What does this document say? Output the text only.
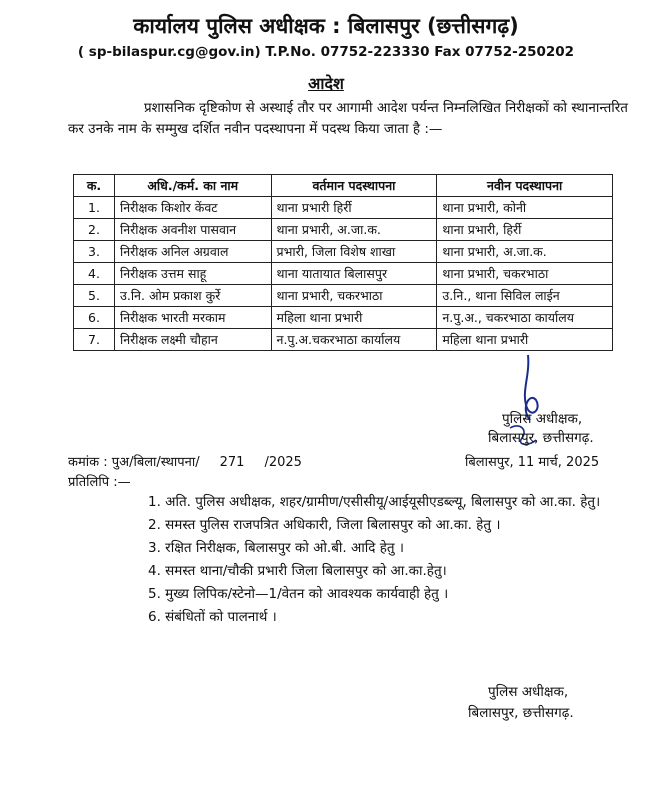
कार्यालय पुलिस अधीक्षक : बिलासपुर (छत्तीसगढ़)
( sp-bilaspur.cg@gov.in) T.P.No. 07752-223330 Fax 07752-250202
आदेश
प्रशासनिक दृष्टिकोण से अस्थाई तौर पर आगामी आदेश पर्यन्त निम्नलिखित निरीक्षकों को स्थानान्तरित कर उनके नाम के सम्मुख दर्शित नवीन पदस्थापना में पदस्थ किया जाता है :—
क.	अधि./कर्म. का नाम	वर्तमान पदस्थापना	नवीन पदस्थापना
1.	निरीक्षक किशोर केंवट	थाना प्रभारी हिर्री	थाना प्रभारी, कोनी
2.	निरीक्षक अवनीश पासवान	थाना प्रभारी, अ.जा.क.	थाना प्रभारी, हिर्री
3.	निरीक्षक अनिल अग्रवाल	प्रभारी, जिला विशेष शाखा	थाना प्रभारी, अ.जा.क.
4.	निरीक्षक उत्तम साहू	थाना यातायात बिलासपुर	थाना प्रभारी, चकरभाठा
5.	उ.नि. ओम प्रकाश कुर्रे	थाना प्रभारी, चकरभाठा	उ.नि., थाना सिविल लाईन
6.	निरीक्षक भारती मरकाम	महिला थाना प्रभारी	न.पु.अ., चकरभाठा कार्यालय
7.	निरीक्षक लक्ष्मी चौहान	न.पु.अ.चकरभाठा कार्यालय	महिला थाना प्रभारी
पुलिस अधीक्षक,
बिलासपुर, छत्तीसगढ़.
कमांक : पुअ/बिला/स्थापना/ 271 /2025	बिलासपुर, 11 मार्च, 2025
प्रतिलिपि :—
1. अति. पुलिस अधीक्षक, शहर/ग्रामीण/एसीसीयू/आईयूसीएडब्ल्यू, बिलासपुर को आ.का. हेतु।
2. समस्त पुलिस राजपत्रित अधिकारी, जिला बिलासपुर को आ.का. हेतु ।
3. रक्षित निरीक्षक, बिलासपुर को ओ.बी. आदि हेतु ।
4. समस्त थाना/चौकी प्रभारी जिला बिलासपुर को आ.का.हेतु।
5. मुख्य लिपिक/स्टेनो—1/वेतन को आवश्यक कार्यवाही हेतु ।
6. संबंधितों को पालनार्थ ।
पुलिस अधीक्षक,
बिलासपुर, छत्तीसगढ़.
